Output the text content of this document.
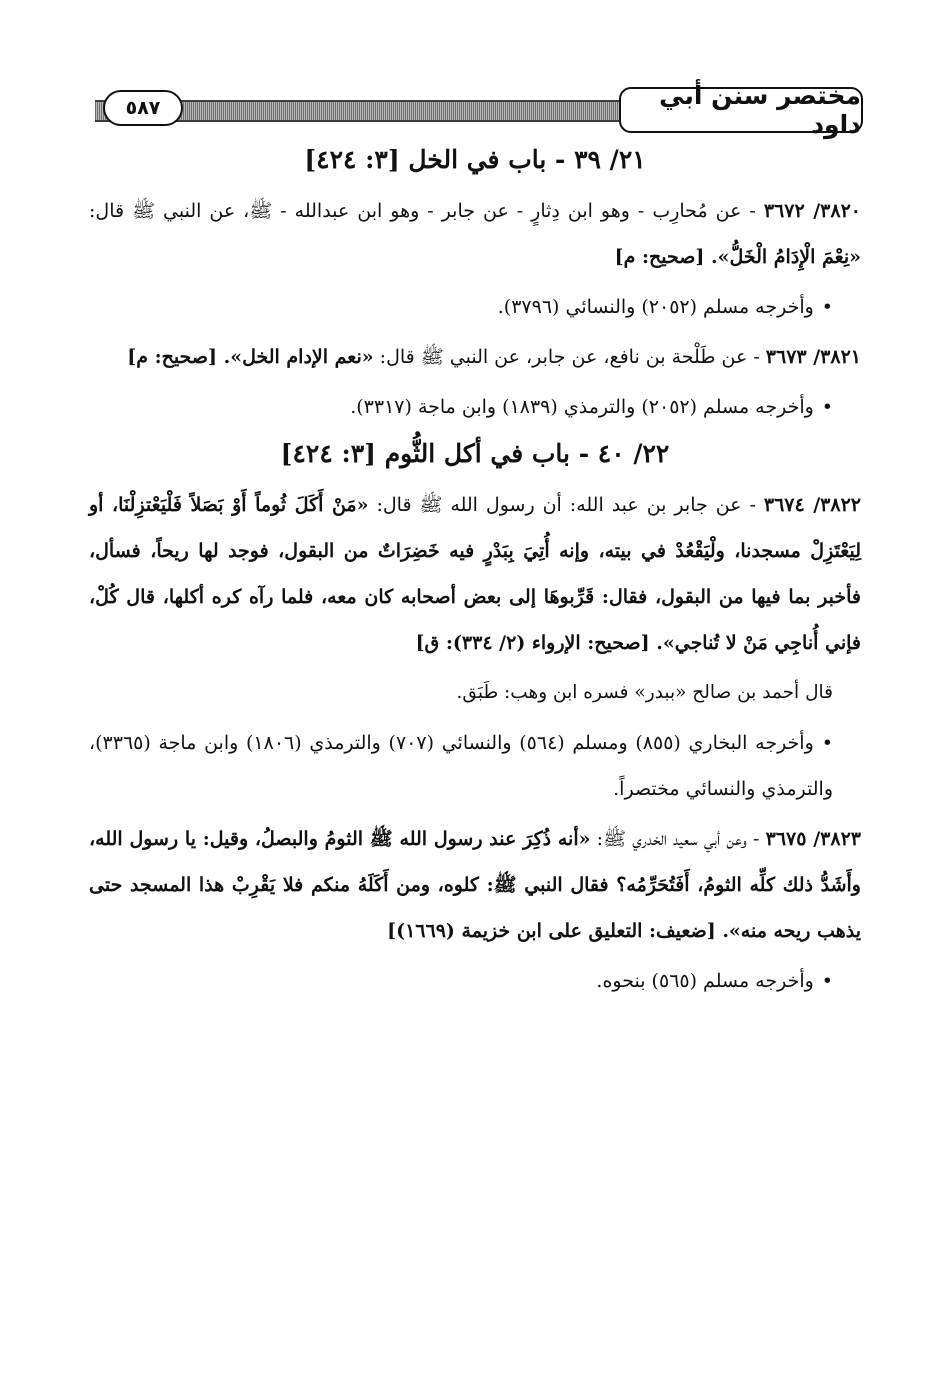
مختصر سنن أبي داود
٥٨٧
٢١/ ٣٩ - باب في الخل [٣: ٤٢٤]

٣٨٢٠/ ٣٦٧٢ - عن مُحارِب - وهو ابن دِثارٍ - عن جابر - وهو ابن عبدالله - ﷺ، عن النبي ﷺ قال: «نِعْمَ الْإِدَامُ الْخَلُّ». [صحيح: م]

•وأخرجه مسلم (٢٠٥٢) والنسائي (٣٧٩٦).

٣٨٢١/ ٣٦٧٣ - عن طَلْحة بن نافع، عن جابر، عن النبي ﷺ قال: «نعم الإدام الخل». [صحيح: م]

•وأخرجه مسلم (٢٠٥٢) والترمذي (١٨٣٩) وابن ماجة (٣٣١٧).

٢٢/ ٤٠ - باب في أكل الثُّوم [٣: ٤٢٤]

٣٨٢٢/ ٣٦٧٤ - عن جابر بن عبد الله: أن رسول الله ﷺ قال: «مَنْ أَكَلَ ثُوماً أَوْ بَصَلاً فَلْيَعْتزِلْنَا، أو لِيَعْتَزِلْ مسجدنا، ولْيَقْعُدْ في بيته، وإنه أُتِيَ بِبَدْرٍ فيه خَضِرَاتٌ من البقول، فوجد لها ريحاً، فسأل، فأخبر بما فيها من البقول، فقال: قَرِّبوهَا إلى بعض أصحابه كان معه، فلما رآه كره أكلها، قال كُلْ، فإني أُناجِي مَنْ لا تُناجي». [صحيح: الإرواء (٢/ ٣٣٤): ق]

قال أحمد بن صالح «ببدر» فسره ابن وهب: طَبَق.

•وأخرجه البخاري (٨٥٥) ومسلم (٥٦٤) والنسائي (٧٠٧) والترمذي (١٨٠٦) وابن ماجة (٣٣٦٥)، والترمذي والنسائي مختصراً.

٣٨٢٣/ ٣٦٧٥ - وعن أبي سعيد الخدري ﷺ: «أنه ذُكِرَ عند رسول الله ﷺ الثومُ والبصلُ، وقيل: يا رسول الله، وأَشَدُّ ذلك كلِّه الثومُ، أَفَتُحَرِّمُه؟ فقال النبي ﷺ: كلوه، ومن أَكَلَهُ منكم فلا يَقْرِبْ هذا المسجد حتى يذهب ريحه منه». [ضعيف: التعليق على ابن خزيمة (١٦٦٩)]

•وأخرجه مسلم (٥٦٥) بنحوه.
